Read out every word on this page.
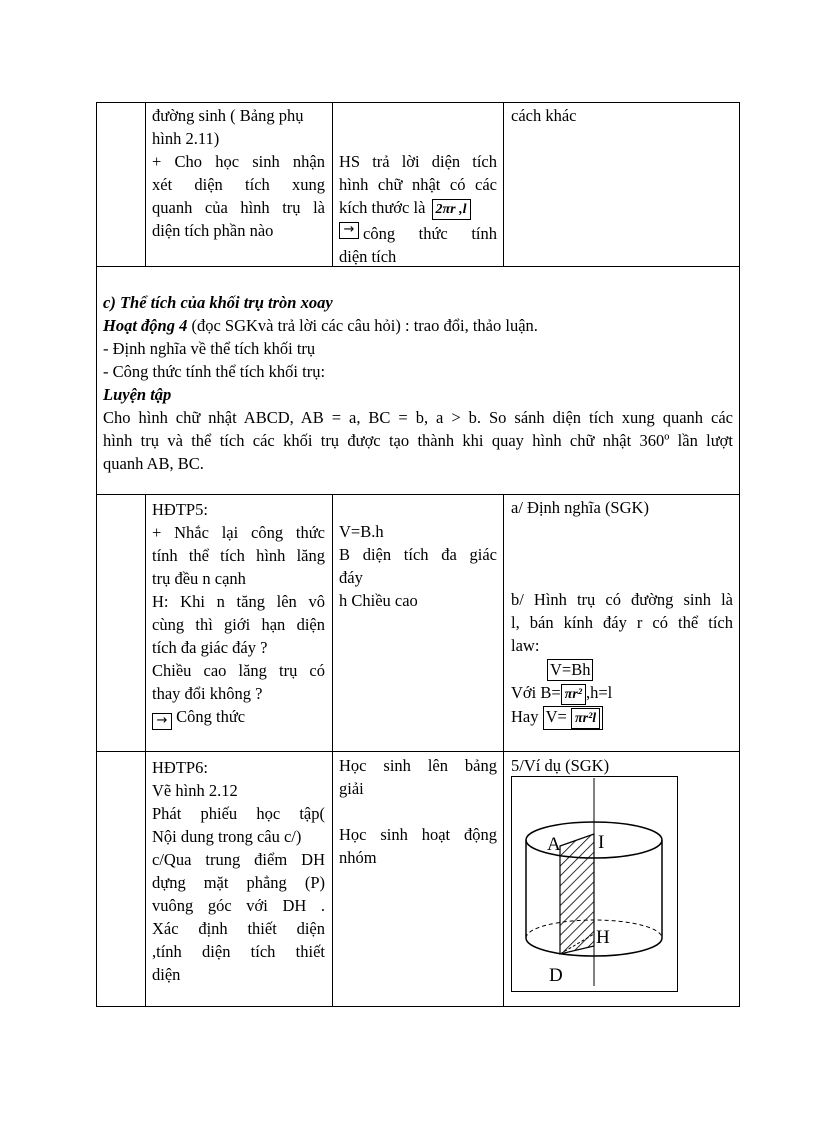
đường sinh ( Bảng phụ
hình 2.11)
+ Cho học sinh nhận
xét diện tích xung
quanh của hình trụ là
diện tích phần nào
HS trả lời diện tích
hình chữ nhật có các
kích thước là 2πr ,l
→ công thức tính
diện tích
cách khác
c) Thể tích của khối trụ tròn xoay
Hoạt động 4 (đọc SGKvà trả lời các câu hỏi) : trao đổi, thảo luận.
- Định nghĩa về thể tích khối trụ
- Công thức tính thể tích khối trụ:
Luyện tập
Cho hình chữ nhật ABCD, AB = a, BC = b, a > b. So sánh diện tích xung quanh các
hình trụ và thể tích các khối trụ được tạo thành khi quay hình chữ nhật 360º lần lượt
quanh AB, BC.
HĐTP5:
+ Nhắc lại công thức
tính thể tích hình lăng
trụ đều n cạnh
H: Khi n tăng lên vô
cùng thì giới hạn diện
tích đa giác đáy ?
Chiều cao lăng trụ có
thay đổi không ?
→ Công thức
V=B.h
B diện tích đa giác
đáy
h Chiều cao
a/ Định nghĩa (SGK)
b/ Hình trụ có đường sinh là
l, bán kính đáy r có thể tích
law:
V=Bh
Với B= πr² ,h=l
Hay V= πr²l
HĐTP6:
Vẽ hình 2.12
Phát phiếu học tập(
Nội dung trong câu c/)
c/Qua trung điểm DH
dựng mặt phẳng (P)
vuông góc với DH .
Xác định thiết diện
,tính diện tích thiết
diện
Học sinh lên bảng
giải
Học sinh hoạt động
nhóm
5/Ví dụ (SGK)
A I
H
D
